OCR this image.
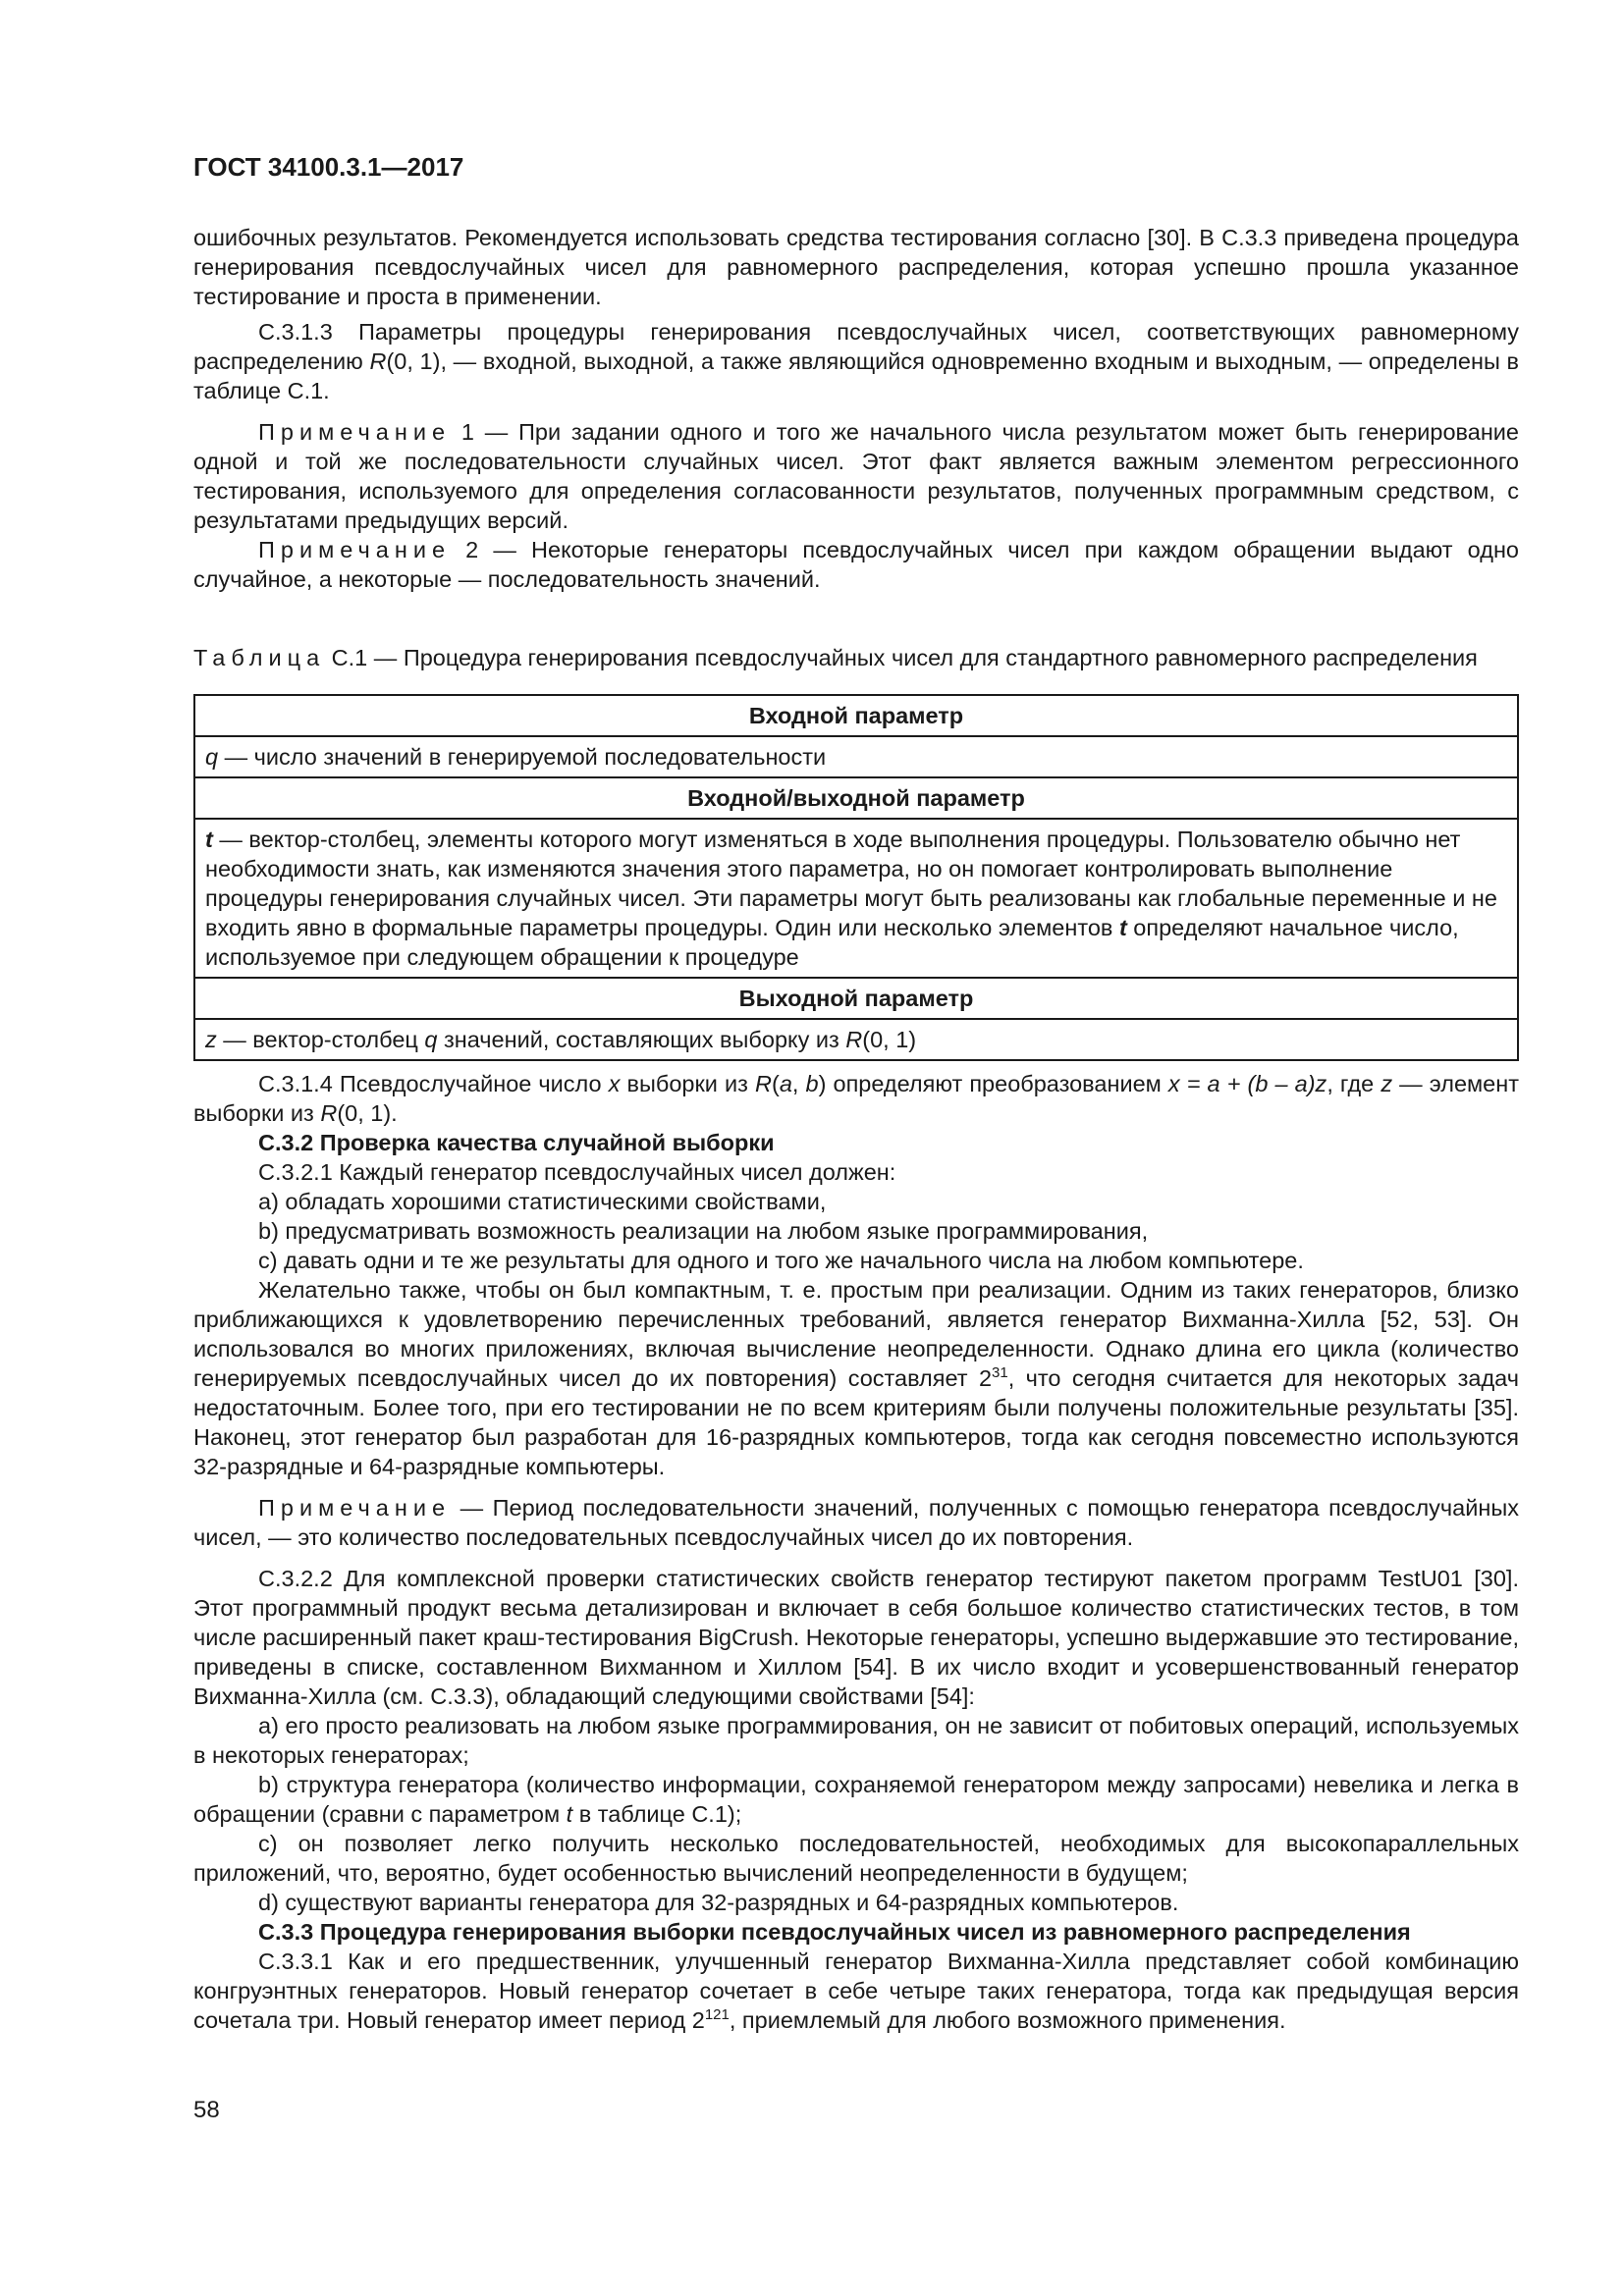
ГОСТ 34100.3.1—2017

ошибочных результатов. Рекомендуется использовать средства тестирования согласно [30]. В С.3.3 приведена процедура генерирования псевдослучайных чисел для равномерного распределения, которая успешно прошла указанное тестирование и проста в применении.

С.3.1.3 Параметры процедуры генерирования псевдослучайных чисел, соответствующих равномерному распределению R(0, 1), — входной, выходной, а также являющийся одновременно входным и выходным, — определены в таблице С.1.

Примечание 1 — При задании одного и того же начального числа результатом может быть генерирование одной и той же последовательности случайных чисел. Этот факт является важным элементом регрессионного тестирования, используемого для определения согласованности результатов, полученных программным средством, с результатами предыдущих версий.

Примечание 2 — Некоторые генераторы псевдослучайных чисел при каждом обращении выдают одно случайное, а некоторые — последовательность значений.

Таблица С.1 — Процедура генерирования псевдослучайных чисел для стандартного равномерного распределения

Входной параметр
q — число значений в генерируемой последовательности
Входной/выходной параметр
t — вектор-столбец, элементы которого могут изменяться в ходе выполнения процедуры. Пользователю обычно нет необходимости знать, как изменяются значения этого параметра, но он помогает контролировать выполнение процедуры генерирования случайных чисел. Эти параметры могут быть реализованы как глобальные переменные и не входить явно в формальные параметры процедуры. Один или несколько элементов t определяют начальное число, используемое при следующем обращении к процедуре
Выходной параметр
z — вектор-столбец q значений, составляющих выборку из R(0, 1)

С.3.1.4 Псевдослучайное число x выборки из R(a, b) определяют преобразованием x = a + (b – a)z, где z — элемент выборки из R(0, 1).

С.3.2 Проверка качества случайной выборки

С.3.2.1 Каждый генератор псевдослучайных чисел должен:

a) обладать хорошими статистическими свойствами,

b) предусматривать возможность реализации на любом языке программирования,

c) давать одни и те же результаты для одного и того же начального числа на любом компьютере.

Желательно также, чтобы он был компактным, т. е. простым при реализации. Одним из таких генераторов, близко приближающихся к удовлетворению перечисленных требований, является генератор Вихманна-Хилла [52, 53]. Он использовался во многих приложениях, включая вычисление неопределенности. Однако длина его цикла (количество генерируемых псевдослучайных чисел до их повторения) составляет $2^{31}$, что сегодня считается для некоторых задач недостаточным. Более того, при его тестировании не по всем критериям были получены положительные результаты [35]. Наконец, этот генератор был разработан для 16-разрядных компьютеров, тогда как сегодня повсеместно используются 32-разрядные и 64-разрядные компьютеры.

Примечание — Период последовательности значений, полученных с помощью генератора псевдослучайных чисел, — это количество последовательных псевдослучайных чисел до их повторения.

С.3.2.2 Для комплексной проверки статистических свойств генератор тестируют пакетом программ TestU01 [30]. Этот программный продукт весьма детализирован и включает в себя большое количество статистических тестов, в том числе расширенный пакет краш-тестирования BigCrush. Некоторые генераторы, успешно выдержавшие это тестирование, приведены в списке, составленном Вихманном и Хиллом [54]. В их число входит и усовершенствованный генератор Вихманна-Хилла (см. С.3.3), обладающий следующими свойствами [54]:

a) его просто реализовать на любом языке программирования, он не зависит от побитовых операций, используемых в некоторых генераторах;

b) структура генератора (количество информации, сохраняемой генератором между запросами) невелика и легка в обращении (сравни с параметром t в таблице С.1);

c) он позволяет легко получить несколько последовательностей, необходимых для высокопараллельных приложений, что, вероятно, будет особенностью вычислений неопределенности в будущем;

d) существуют варианты генератора для 32-разрядных и 64-разрядных компьютеров.

С.3.3 Процедура генерирования выборки псевдослучайных чисел из равномерного распределения

С.3.3.1 Как и его предшественник, улучшенный генератор Вихманна-Хилла представляет собой комбинацию конгруэнтных генераторов. Новый генератор сочетает в себе четыре таких генератора, тогда как предыдущая версия сочетала три. Новый генератор имеет период $2^{121}$, приемлемый для любого возможного применения.

58
